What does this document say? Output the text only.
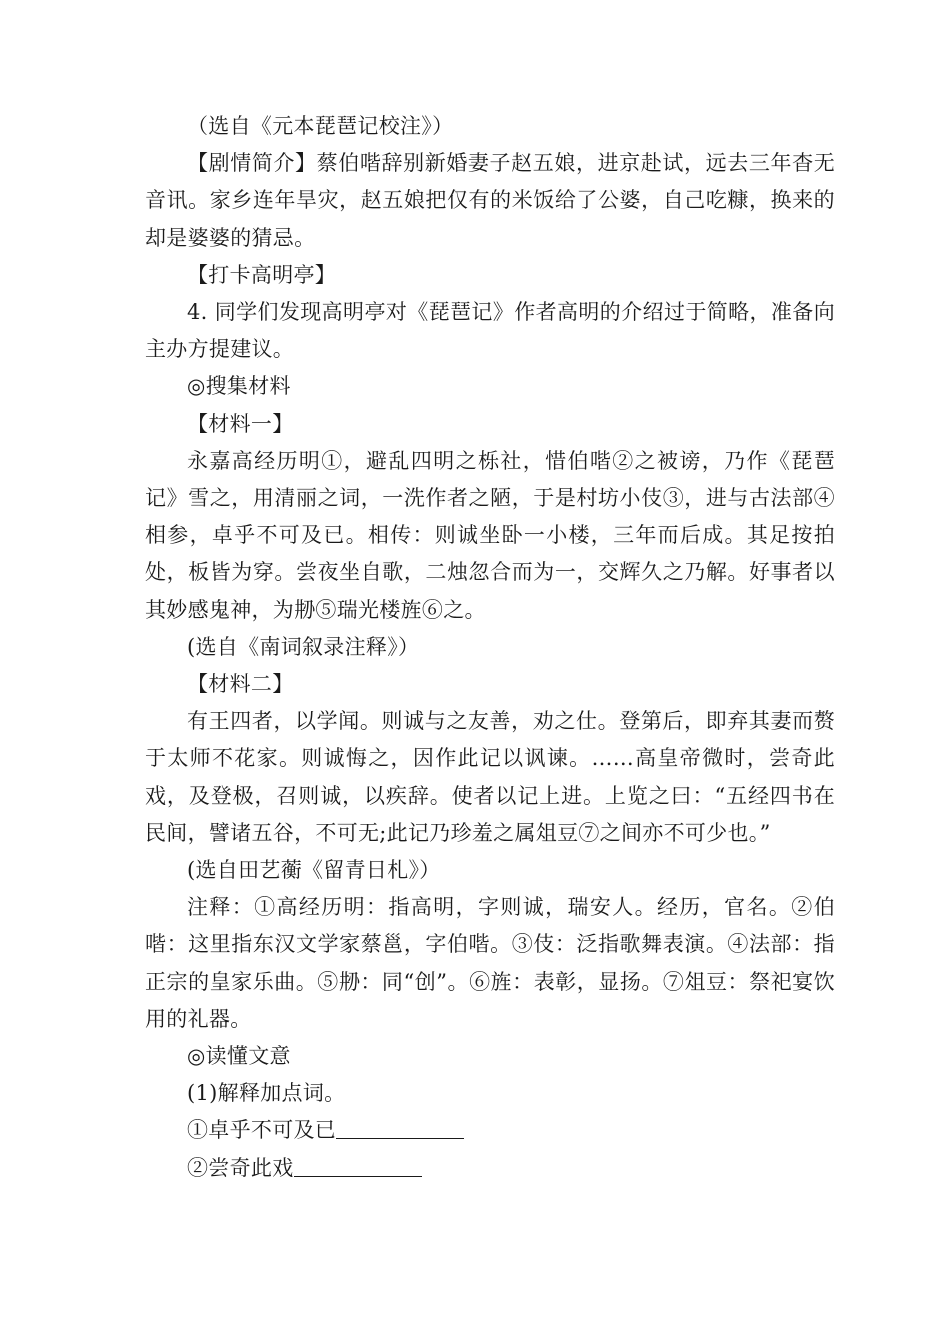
（选自《元本琵琶记校注》）

【剧情简介】蔡伯喈辞别新婚妻子赵五娘，进京赴试，远去三年杳无音讯。家乡连年旱灾，赵五娘把仅有的米饭给了公婆，自己吃糠，换来的却是婆婆的猜忌。

【打卡高明亭】

4. 同学们发现高明亭对《琵琶记》作者高明的介绍过于简略，准备向主办方提建议。

◎搜集材料

【材料一】

永嘉高经历明①，避乱四明之栎社，惜伯喈②之被谤，乃作《琵琶记》雪之，用清丽之词，一洗作者之陋，于是村坊小伎③，进与古法部④相参，卓乎不可及已。相传：则诚坐卧一小楼，三年而后成。其足按拍处，板皆为穿。尝夜坐自歌，二烛忽合而为一，交辉久之乃解。好事者以其妙感鬼神，为刱⑤瑞光楼旌⑥之。

(选自《南词叙录注释》）

【材料二】

有王四者，以学闻。则诚与之友善，劝之仕。登第后，即弃其妻而赘于太师不花家。则诚悔之，因作此记以讽谏。……高皇帝微时，尝奇此戏，及登极，召则诚，以疾辞。使者以记上进。上览之曰：“五经四书在民间，譬诸五谷，不可无;此记乃珍羞之属俎豆⑦之间亦不可少也。”

(选自田艺蘅《留青日札》）

注释：①高经历明：指高明，字则诚，瑞安人。经历，官名。②伯喈：这里指东汉文学家蔡邕，字伯喈。③伎：泛指歌舞表演。④法部：指正宗的皇家乐曲。⑤刱：同“创”。⑥旌：表彰，显扬。⑦俎豆：祭祀宴饮用的礼器。

◎读懂文意

(1)解释加点词。

①卓乎不可及已

②尝奇此戏
